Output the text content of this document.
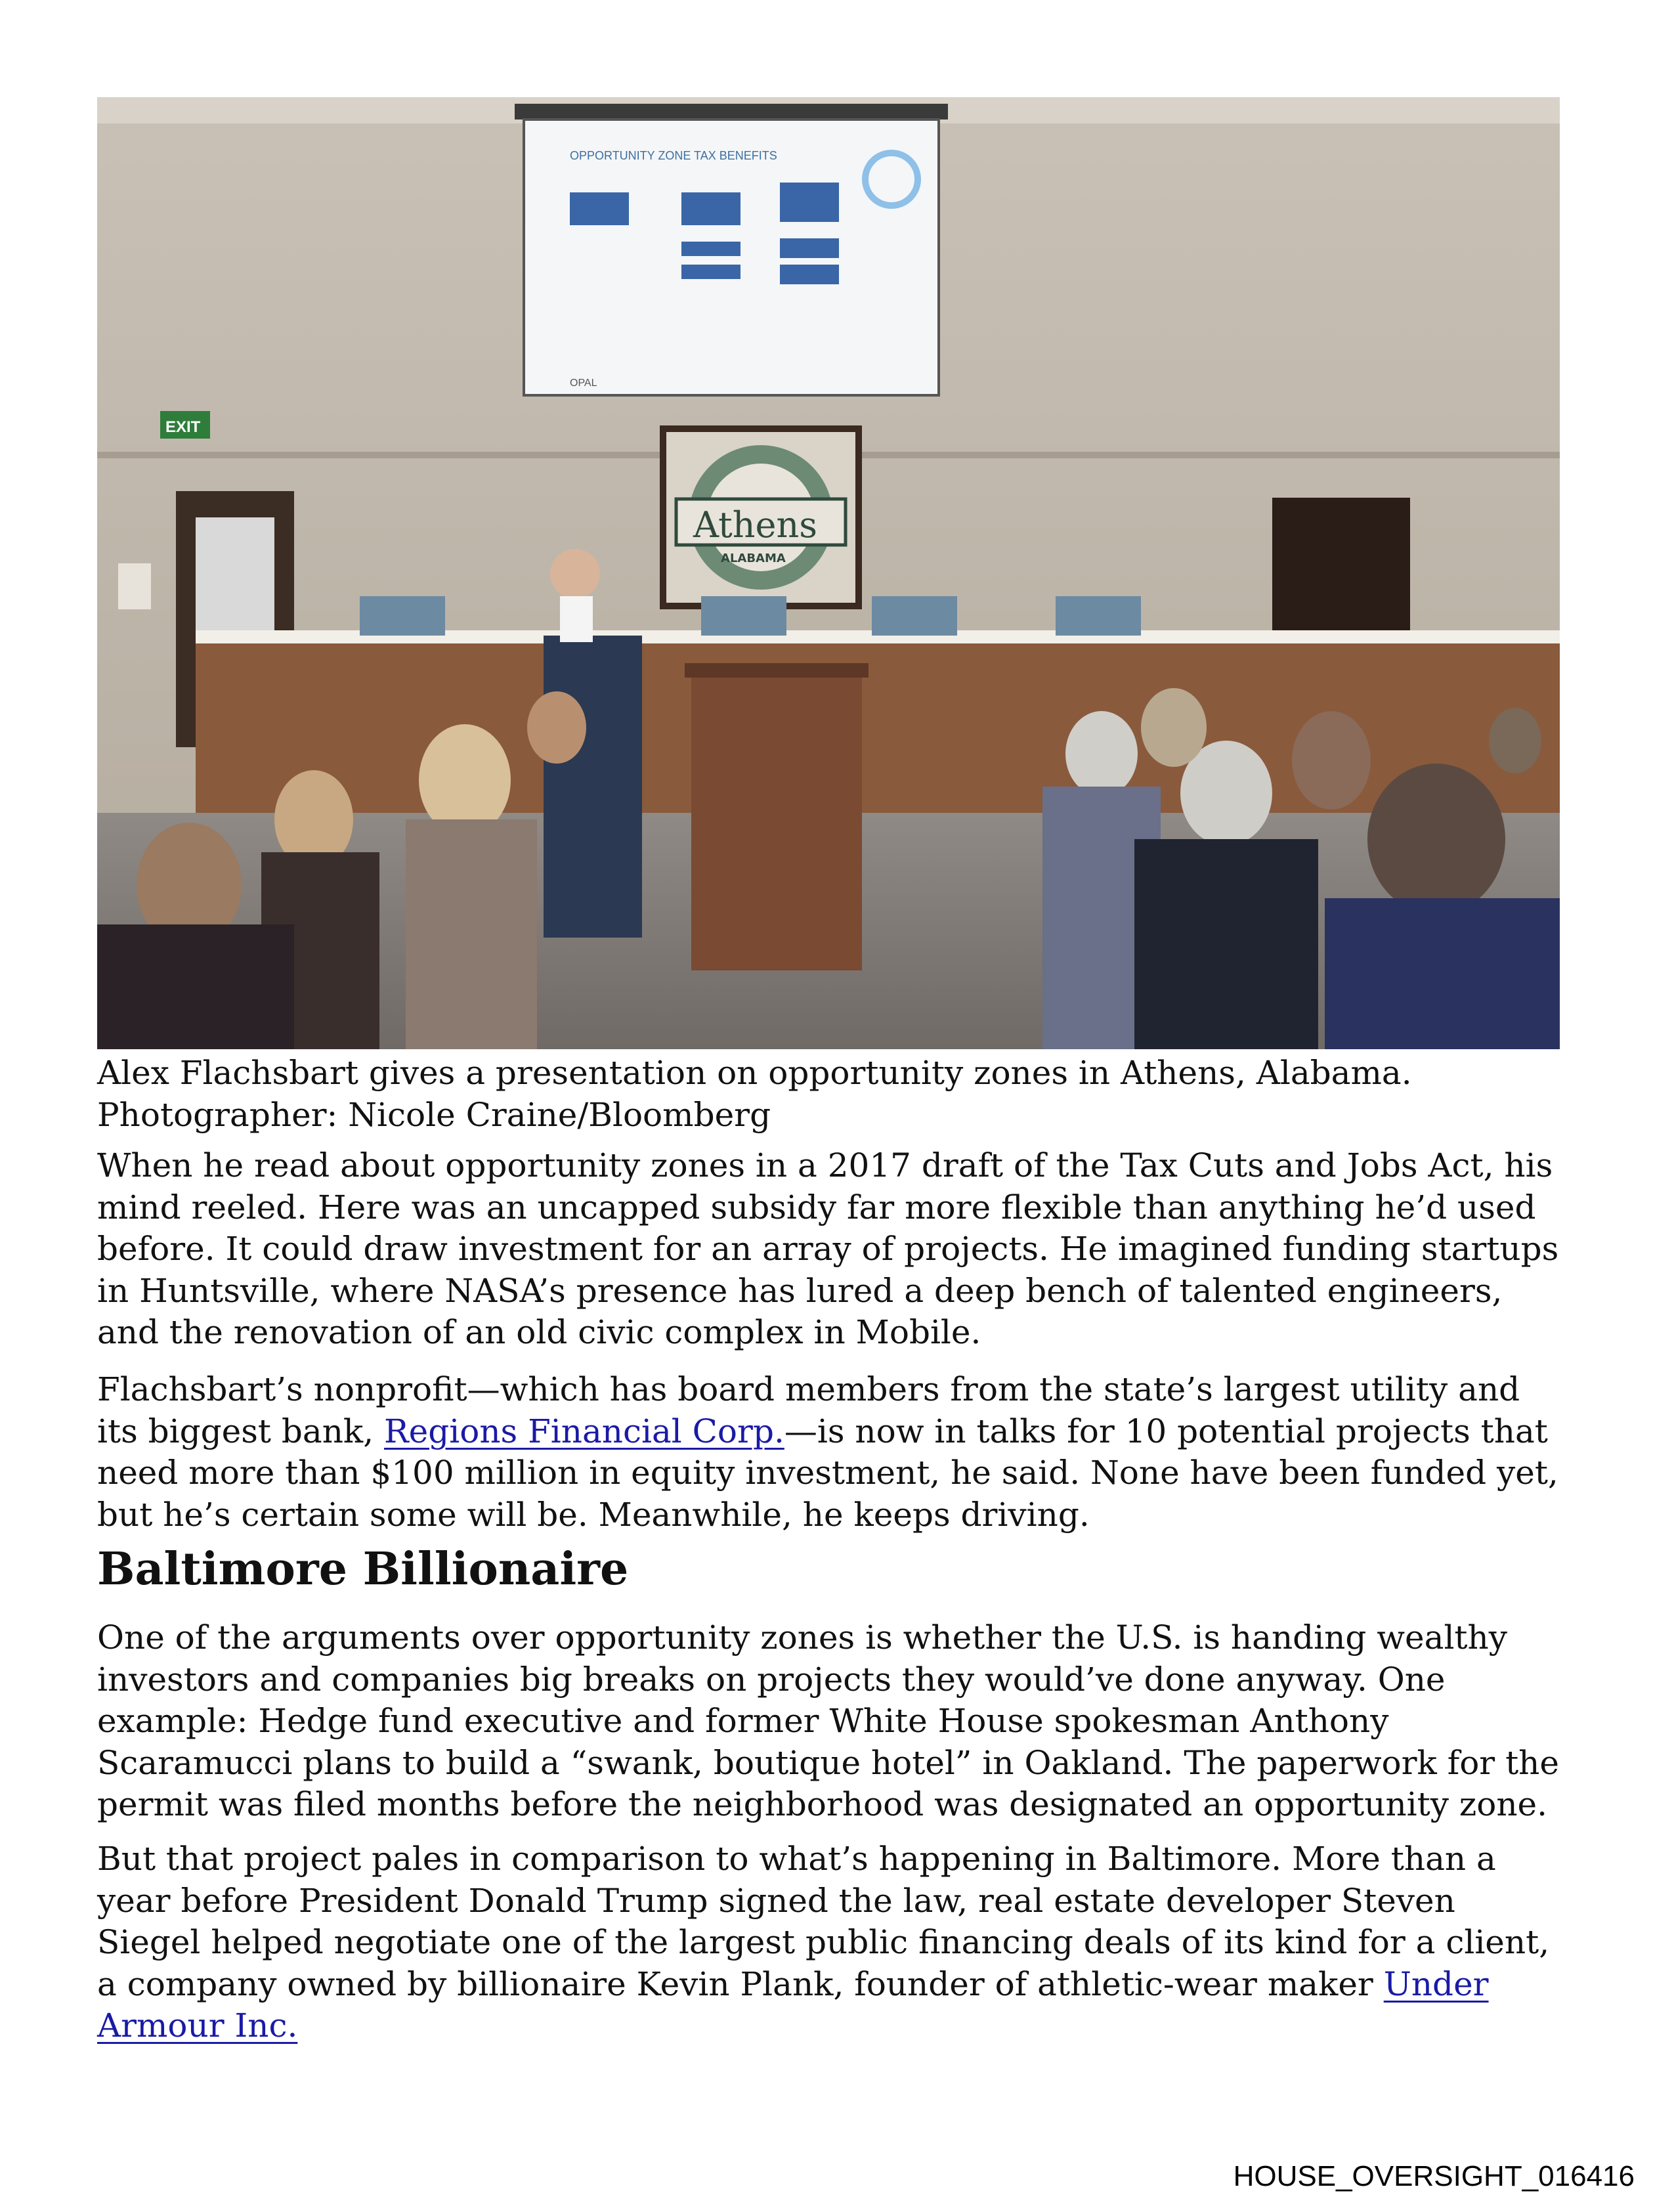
OPPORTUNITY ZONE TAX BENEFITS
OPAL
EXIT
Athens
ALABAMA
Alex Flachsbart gives a presentation on opportunity zones in Athens, Alabama.
Photographer: Nicole Craine/Bloomberg

When he read about opportunity zones in a 2017 draft of the Tax Cuts and Jobs Act, his mind reeled. Here was an uncapped subsidy far more flexible than anything he’d used before. It could draw investment for an array of projects. He imagined funding startups in Huntsville, where NASA’s presence has lured a deep bench of talented engineers, and the renovation of an old civic complex in Mobile.

Flachsbart’s nonprofit—which has board members from the state’s largest utility and its biggest bank, Regions Financial Corp.—is now in talks for 10 potential projects that need more than $100 million in equity investment, he said. None have been funded yet, but he’s certain some will be. Meanwhile, he keeps driving.

Baltimore Billionaire

One of the arguments over opportunity zones is whether the U.S. is handing wealthy investors and companies big breaks on projects they would’ve done anyway. One example: Hedge fund executive and former White House spokesman Anthony Scaramucci plans to build a “swank, boutique hotel” in Oakland. The paperwork for the permit was filed months before the neighborhood was designated an opportunity zone.

But that project pales in comparison to what’s happening in Baltimore. More than a year before President Donald Trump signed the law, real estate developer Steven Siegel helped negotiate one of the largest public financing deals of its kind for a client, a company owned by billionaire Kevin Plank, founder of athletic-wear maker Under Armour Inc.

HOUSE_OVERSIGHT_016416
